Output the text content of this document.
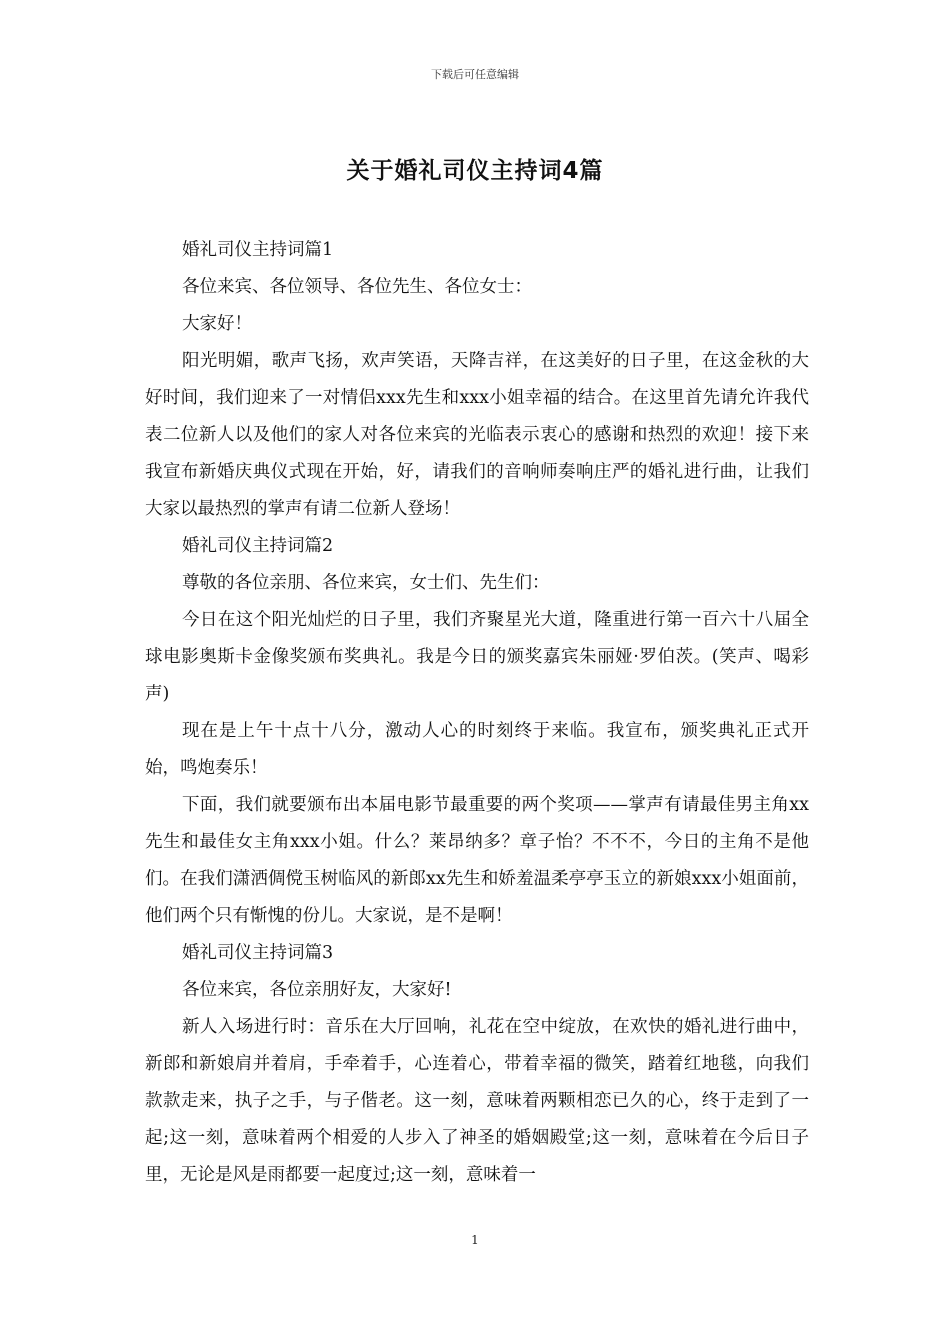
下载后可任意编辑
关于婚礼司仪主持词4篇

婚礼司仪主持词篇1

各位来宾、各位领导、各位先生、各位女士：

大家好！

阳光明媚，歌声飞扬，欢声笑语，天降吉祥，在这美好的日子里，在这金秋的大好时间，我们迎来了一对情侣xxx先生和xxx小姐幸福的结合。在这里首先请允许我代表二位新人以及他们的家人对各位来宾的光临表示衷心的感谢和热烈的欢迎！接下来我宣布新婚庆典仪式现在开始，好，请我们的音响师奏响庄严的婚礼进行曲，让我们大家以最热烈的掌声有请二位新人登场！

婚礼司仪主持词篇2

尊敬的各位亲朋、各位来宾，女士们、先生们：

今日在这个阳光灿烂的日子里，我们齐聚星光大道，隆重进行第一百六十八届全球电影奥斯卡金像奖颁布奖典礼。我是今日的颁奖嘉宾朱丽娅·罗伯茨。(笑声、喝彩声)

现在是上午十点十八分，激动人心的时刻终于来临。我宣布，颁奖典礼正式开始，鸣炮奏乐！

下面，我们就要颁布出本届电影节最重要的两个奖项——掌声有请最佳男主角xx先生和最佳女主角xxx小姐。什么？莱昂纳多？章子怡？不不不，今日的主角不是他们。在我们潇洒倜傥玉树临风的新郎xx先生和娇羞温柔亭亭玉立的新娘xxx小姐面前，他们两个只有惭愧的份儿。大家说，是不是啊！

婚礼司仪主持词篇3

各位来宾，各位亲朋好友，大家好!

新人入场进行时：音乐在大厅回响，礼花在空中绽放，在欢快的婚礼进行曲中，新郎和新娘肩并着肩，手牵着手，心连着心，带着幸福的微笑，踏着红地毯，向我们款款走来，执子之手，与子偕老。这一刻，意味着两颗相恋已久的心，终于走到了一起;这一刻，意味着两个相爱的人步入了神圣的婚姻殿堂;这一刻，意味着在今后日子里，无论是风是雨都要一起度过;这一刻，意味着一

1
